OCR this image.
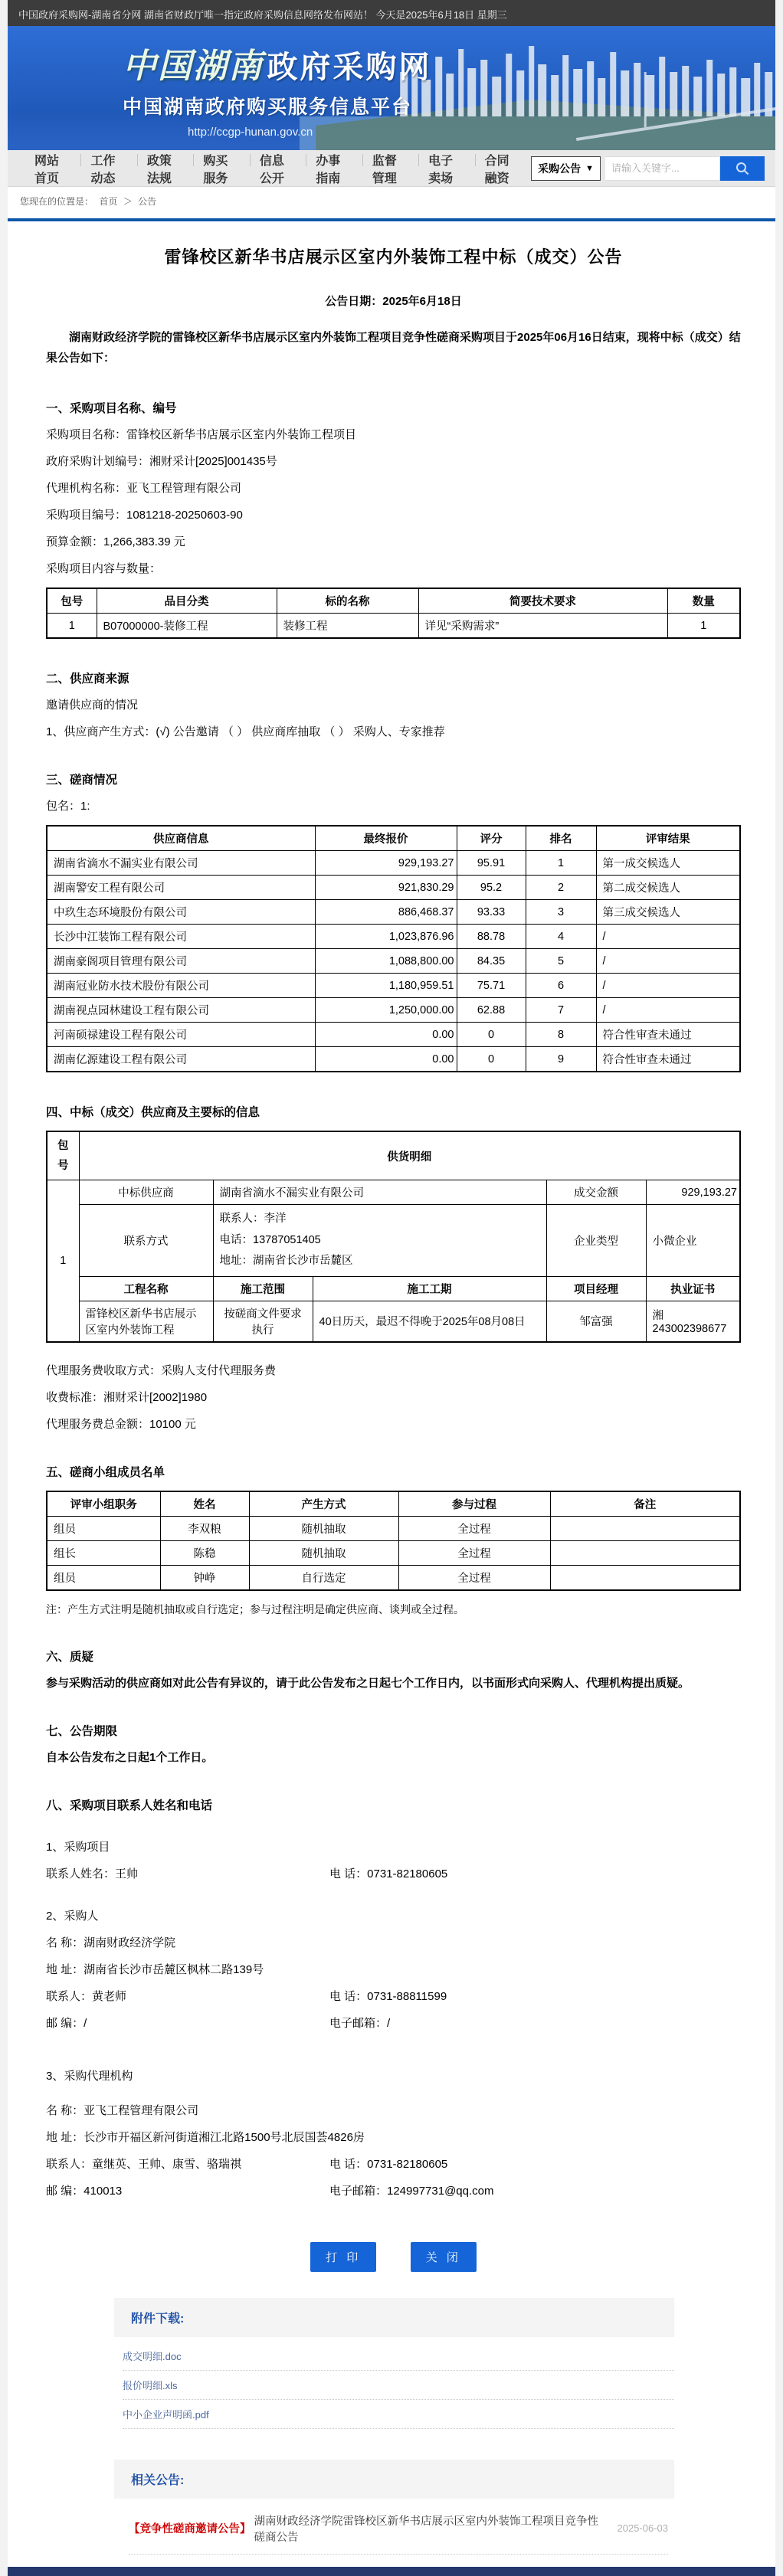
中国政府采购网-湖南省分网 湖南省财政厅唯一指定政府采购信息网络发布网站！ 今天是2025年6月18日 星期三
中国湖南 政府采购网
中国湖南政府购买服务信息平台
http://ccgp-hunan.gov.cn
网站首页
工作动态
政策法规
购买服务
信息公开
办事指南
监督管理
电子卖场
合同融资
采购公告 ▼
请输入关键字...
您现在的位置是： 首页 ＞ 公告
雷锋校区新华书店展示区室内外装饰工程中标（成交）公告
公告日期：2025年6月18日

湖南财政经济学院的雷锋校区新华书店展示区室内外装饰工程项目竞争性磋商采购项目于2025年06月16日结束，现将中标（成交）结果公告如下：

一、采购项目名称、编号
采购项目名称：雷锋校区新华书店展示区室内外装饰工程项目
政府采购计划编号：湘财采计[2025]001435号
代理机构名称：亚飞工程管理有限公司
采购项目编号：1081218-20250603-90
预算金额：1,266,383.39 元
采购项目内容与数量：
包号	品目分类	标的名称	简要技术要求	数量
1	B07000000-装修工程	装修工程	详见“采购需求”	1
二、供应商来源
邀请供应商的情况
1、供应商产生方式：(√) 公告邀请 （ ） 供应商库抽取 （ ） 采购人、专家推荐
三、磋商情况
包名：1:
供应商信息	最终报价	评分	排名	评审结果
湖南省滴水不漏实业有限公司	929,193.27	95.91	1	第一成交候选人
湖南警安工程有限公司	921,830.29	95.2	2	第二成交候选人
中玖生态环境股份有限公司	886,468.37	93.33	3	第三成交候选人
长沙中江装饰工程有限公司	1,023,876.96	88.78	4	/
湖南豪阁项目管理有限公司	1,088,800.00	84.35	5	/
湖南冠业防水技术股份有限公司	1,180,959.51	75.71	6	/
湖南视点园林建设工程有限公司	1,250,000.00	62.88	7	/
河南硕禄建设工程有限公司	0.00	0	8	符合性审查未通过
湖南亿源建设工程有限公司	0.00	0	9	符合性审查未通过
四、中标（成交）供应商及主要标的信息
包号	供货明细				
1	中标供应商	湖南省滴水不漏实业有限公司		成交金额	929,193.27
	联系方式	联系人：李洋
电话：13787051405
地址：湖南省长沙市岳麓区		企业类型	小微企业
	工程名称	施工范围	施工工期	项目经理	执业证书
	雷锋校区新华书店展示区室内外装饰工程	按磋商文件要求执行	40日历天，最迟不得晚于2025年08月08日	邹富强	湘243002398677
代理服务费收取方式：采购人支付代理服务费
收费标准：湘财采计[2002]1980
代理服务费总金额：10100 元
五、磋商小组成员名单
评审小组职务	姓名	产生方式	参与过程	备注
组员	李双粮	随机抽取	全过程	
组长	陈稳	随机抽取	全过程	
组员	钟峥	自行选定	全过程	
注：产生方式注明是随机抽取或自行选定；参与过程注明是确定供应商、谈判或全过程。
六、质疑
参与采购活动的供应商如对此公告有异议的，请于此公告发布之日起七个工作日内，以书面形式向采购人、代理机构提出质疑。
七、公告期限
自本公告发布之日起1个工作日。
八、采购项目联系人姓名和电话
1、采购项目
联系人姓名：王帅	电 话：0731-82180605
2、采购人
名 称：湖南财政经济学院
地 址：湖南省长沙市岳麓区枫林二路139号
联系人：黄老师	电 话：0731-88811599
邮 编：/	电子邮箱：/
3、采购代理机构
名 称：亚飞工程管理有限公司
地 址：长沙市开福区新河街道湘江北路1500号北辰国荟4826房
联系人：童继英、王帅、康雪、骆瑞祺	电 话：0731-82180605
邮 编：410013	电子邮箱：124997731@qq.com
打 印	关 闭
附件下载:
成交明细.doc
报价明细.xls
中小企业声明函.pdf
相关公告:
【竞争性磋商邀请公告】
湖南财政经济学院雷锋校区新华书店展示区室内外装饰工程项目竞争性磋商公告
2025-06-03
